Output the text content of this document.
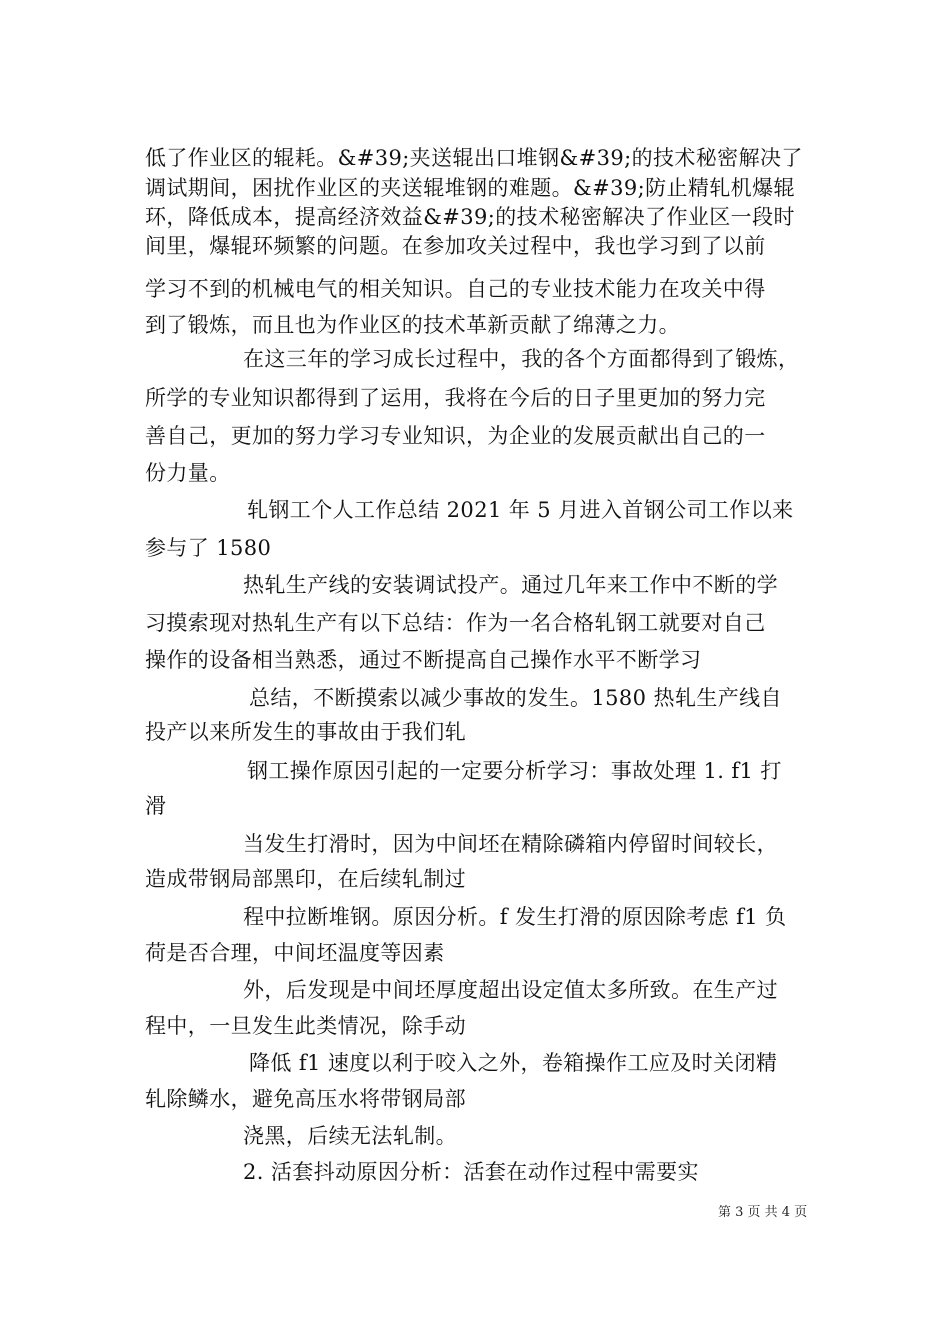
低了作业区的辊耗。&#39;夹送辊出口堆钢&#39;的技术秘密解决了
调试期间，困扰作业区的夹送辊堆钢的难题。&#39;防止精轧机爆辊
环，降低成本，提高经济效益&#39;的技术秘密解决了作业区一段时
间里，爆辊环频繁的问题。在参加攻关过程中，我也学习到了以前
学习不到的机械电气的相关知识。自己的专业技术能力在攻关中得
到了锻炼，而且也为作业区的技术革新贡献了绵薄之力。
在这三年的学习成长过程中，我的各个方面都得到了锻炼，
所学的专业知识都得到了运用，我将在今后的日子里更加的努力完
善自己，更加的努力学习专业知识，为企业的发展贡献出自己的一
份力量。
轧钢工个人工作总结 2021 年 5 月进入首钢公司工作以来
参与了 1580
热轧生产线的安装调试投产。通过几年来工作中不断的学
习摸索现对热轧生产有以下总结：作为一名合格轧钢工就要对自己
操作的设备相当熟悉，通过不断提高自己操作水平不断学习
总结，不断摸索以减少事故的发生。1580 热轧生产线自
投产以来所发生的事故由于我们轧
钢工操作原因引起的一定要分析学习：事故处理 1. f1 打
滑
当发生打滑时，因为中间坯在精除磷箱内停留时间较长，
造成带钢局部黑印，在后续轧制过
程中拉断堆钢。原因分析。f 发生打滑的原因除考虑 f1 负
荷是否合理，中间坯温度等因素
外，后发现是中间坯厚度超出设定值太多所致。在生产过
程中，一旦发生此类情况，除手动
降低 f1 速度以利于咬入之外，卷箱操作工应及时关闭精
轧除鳞水，避免高压水将带钢局部
浇黑，后续无法轧制。
2. 活套抖动原因分析：活套在动作过程中需要实
第 3 页 共 4 页
